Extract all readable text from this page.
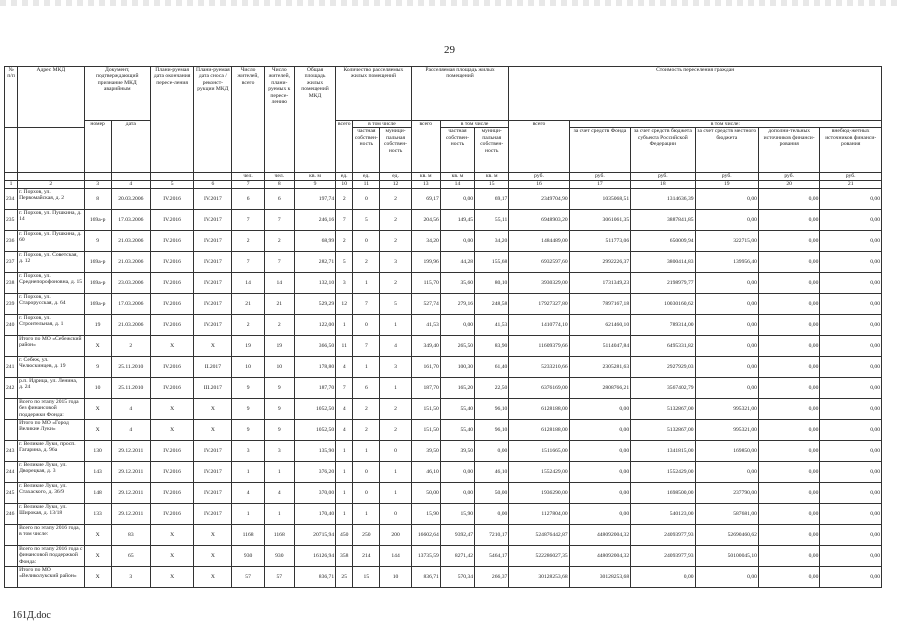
29
№ п/п	Адрес МКД	Документ, подтверждающий признание МКД аварийным		Плани-руемая дата окончания пересе-ления	Плани-руемая дата сноса / реконст-рукции МКД	Число жителей, всего	Число жителей, плани-руемых к пересе-лению	Общая площадь жилых помещений МКД	Количество расселяемых жилых помещений			Расселяемая площадь жилых помещений			Стоимость переселения граждан					
		номер	дата						всего	в том числе		всего	в том числе		всего	в том числе:				
										частная собствен-ность	муници-пальная собствен-ность		частная собствен-ность	муници-пальная собствен-ность		за счет средств Фонда	за счет средств бюджета субъекта Российской Федерации	за счет средств местного бюджета	дополни-тельных источников финанси-рования	внебюд-жетных источников финанси-рования
						чел.	чел.	кв. м	ед.	ед.	ед.	кв. м	кв. м	кв. м	руб.	руб.	руб.	руб.	руб.	руб.
1	2	3	4	5	6	7	8	9	10	11	12	13	14	15	16	17	18	19	20	21
234	г. Порхов, ул. Первомайская, д. 2	8	20.03.2006	IV.2016	IV.2017	6	6	197,74	2	0	2	69,17	0,00	69,17	2349704,90	1035068,51	1314636,39	0,00	0,00	0,00
235	г. Порхов, ул. Пушкина, д. 14	169а-р	17.03.2006	IV.2016	IV.2017	7	7	246,16	7	5	2	204,56	149,45	55,11	6948903,20	3061061,35	3887841,85	0,00	0,00	0,00
236	г. Порхов, ул. Пушкина, д. 60	9	21.03.2006	IV.2016	IV.2017	2	2	68,99	2	0	2	34,20	0,00	34,20	1484489,00	511773,06	650009,94	322715,00	0,00	0,00
237	г. Порхов, ул. Советская, д. 12	169а-р	21.03.2006	IV.2016	IV.2017	7	7	282,71	5	2	3	199,96	44,28	155,68	6932597,60	2992226,37	3800414,83	139956,40	0,00	0,00
238	г. Порхов, ул. Среднепорофоновна, д. 15	169а-р	23.03.2006	IV.2016	IV.2017	14	14	132,10	3	1	2	115,70	35,60	80,10	3930329,00	1731349,23	2198979,77	0,00	0,00	0,00
239	г. Порхов, ул. Старорусская, д. 64	169а-р	17.03.2006	IV.2016	IV.2017	21	21	529,29	12	7	5	527,74	279,16	248,58	17927327,80	7897167,18	10030160,62	0,00	0,00	0,00
240	г. Порхов, ул. Строительная, д. 1	19	21.03.2006	IV.2016	IV.2017	2	2	122,00	1	0	1	41,53	0,00	41,53	1410774,10	621460,10	789314,00	0,00	0,00	0,00
	Итого по МО «Себежский район»	X	2	X	X	19	19	366,50	11	7	4	349,40	265,50	83,90	11609379,66	5114047,84	6495331,82	0,00	0,00	0,00
241	г. Себеж, ул. Челюскинцев, д. 19	9	25.11.2010	IV.2016	II.2017	10	10	178,80	4	1	3	161,70	100,30	61,40	5233210,66	2305281,63	2927929,03	0,00	0,00	0,00
242	р.п. Идрица, ул. Ленина, д. 24	10	25.11.2010	IV.2016	III.2017	9	9	187,70	7	6	1	187,70	165,20	22,50	6376169,00	2808766,21	3567402,79	0,00	0,00	0,00
	Всего по этапу 2015 года без финансовой поддержки Фонда:	X	4	X	X	9	9	1052,50	4	2	2	151,50	55,40	96,10	6128188,00	0,00	5132867,00	995321,00	0,00	0,00
	Итого по МО «Город Великие Луки»	X	4	X	X	9	9	1052,50	4	2	2	151,50	55,40	96,10	6128188,00	0,00	5132867,00	995321,00	0,00	0,00
243	г. Великие Луки, просп. Гагарина, д. 96а	130	29.12.2011	IV.2016	IV.2017	3	3	135,90	1	1	0	39,50	39,50	0,00	1511665,00	0,00	1341815,00	169850,00	0,00	0,00
244	г. Великие Луки, ул. Дворецкая, д. 3	143	29.12.2011	IV.2016	IV.2017	1	1	376,20	1	0	1	46,10	0,00	46,10	1552429,00	0,00	1552429,00	0,00	0,00	0,00
245	г. Великие Луки, ул. Стаxаского, д. 36/9	148	29.12.2011	IV.2016	IV.2017	4	4	370,00	1	0	1	50,00	0,00	50,00	1936290,00	0,00	1698500,00	237790,00	0,00	0,00
246	г. Великие Луки, ул. Широкая, д. 13/18	133	29.12.2011	IV.2016	IV.2017	1	1	170,40	1	1	0	15,90	15,90	0,00	1127804,00	0,00	540123,00	587681,00	0,00	0,00
	Всего по этапу 2016 года, в том числе:	X	83	X	X	1168	1168	20715,94	450	250	200	16602,64	9392,47	7210,17	524876442,87	448092004,32	24093977,93	52690460,62	0,00	0,00
	Всего по этапу 2016 года с финансовой поддержкой Фонда:	X	65	X	X	930	930	16126,94	358	214	144	13735,59	8271,42	5464,17	522286027,35	448092004,32	24093977,93	50100045,10	0,00	0,00
	Итого по МО «Великолукский район»	X	3	X	X	57	57	836,71	25	15	10	836,71	570,34	266,37	30128253,68	30128253,68	0,00	0,00	0,00	0,00
161Д.doc
